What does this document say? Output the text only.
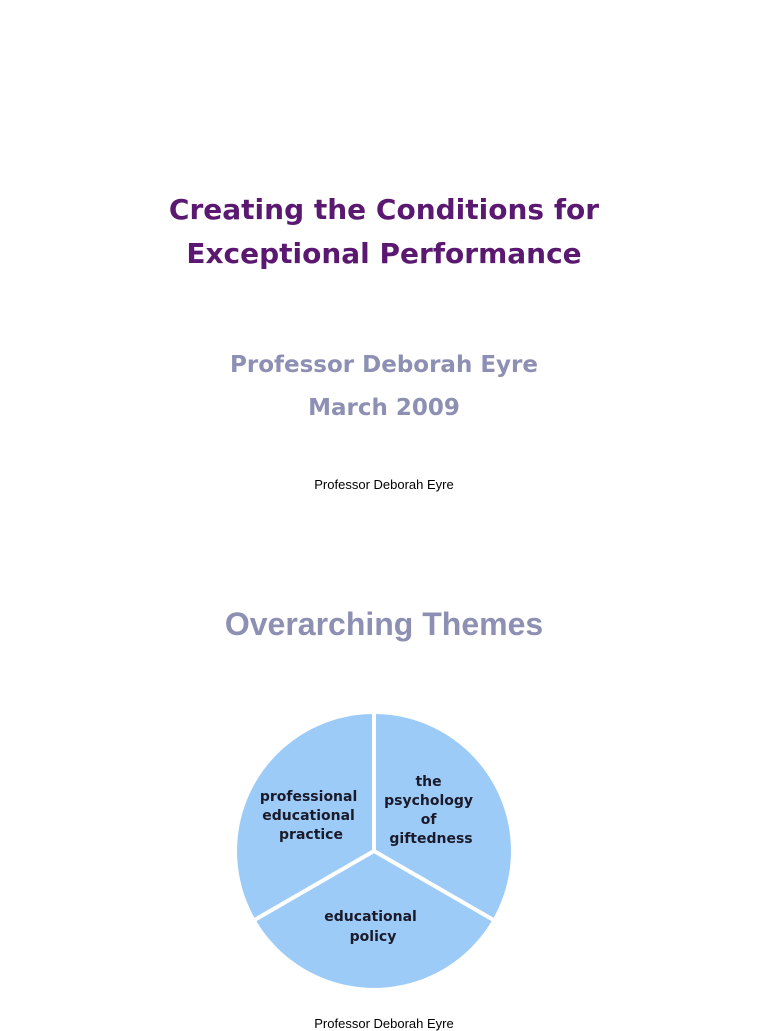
Creating the Conditions for
Exceptional Performance
Professor Deborah Eyre
March 2009
Professor Deborah Eyre
Overarching Themes
the psychology of giftedness
educational policy
professional educational practice
Professor Deborah Eyre
